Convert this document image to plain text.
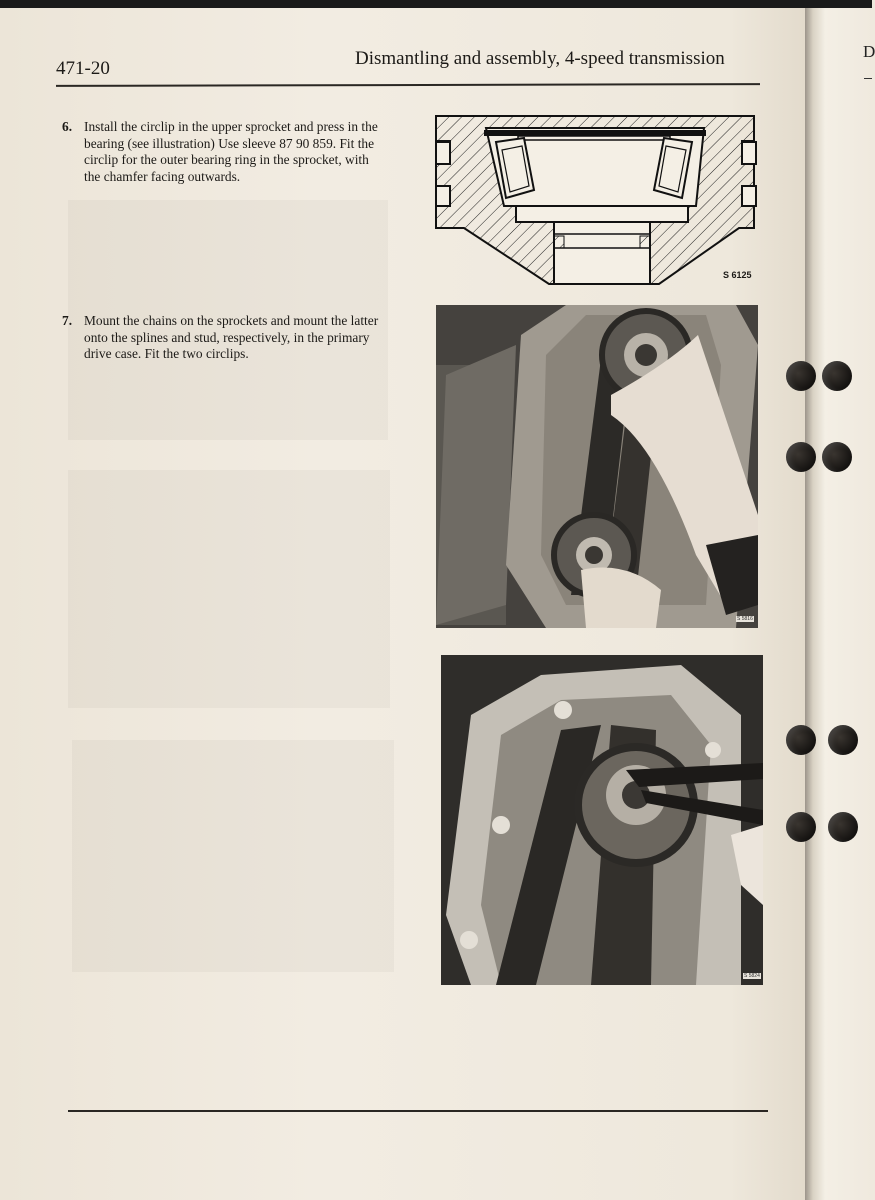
D
471-20	Dismantling and assembly, 4-speed transmission
6. Install the circlip in the upper sprocket and press in the bearing (see illustration) Use sleeve 87 90 859. Fit the circlip for the outer bearing ring in the sprocket, with the chamfer facing outwards.
7. Mount the chains on the sprockets and mount the latter onto the splines and stud, respectively, in the primary drive case. Fit the two circlips.
S 6125
S 5816
S 5824
